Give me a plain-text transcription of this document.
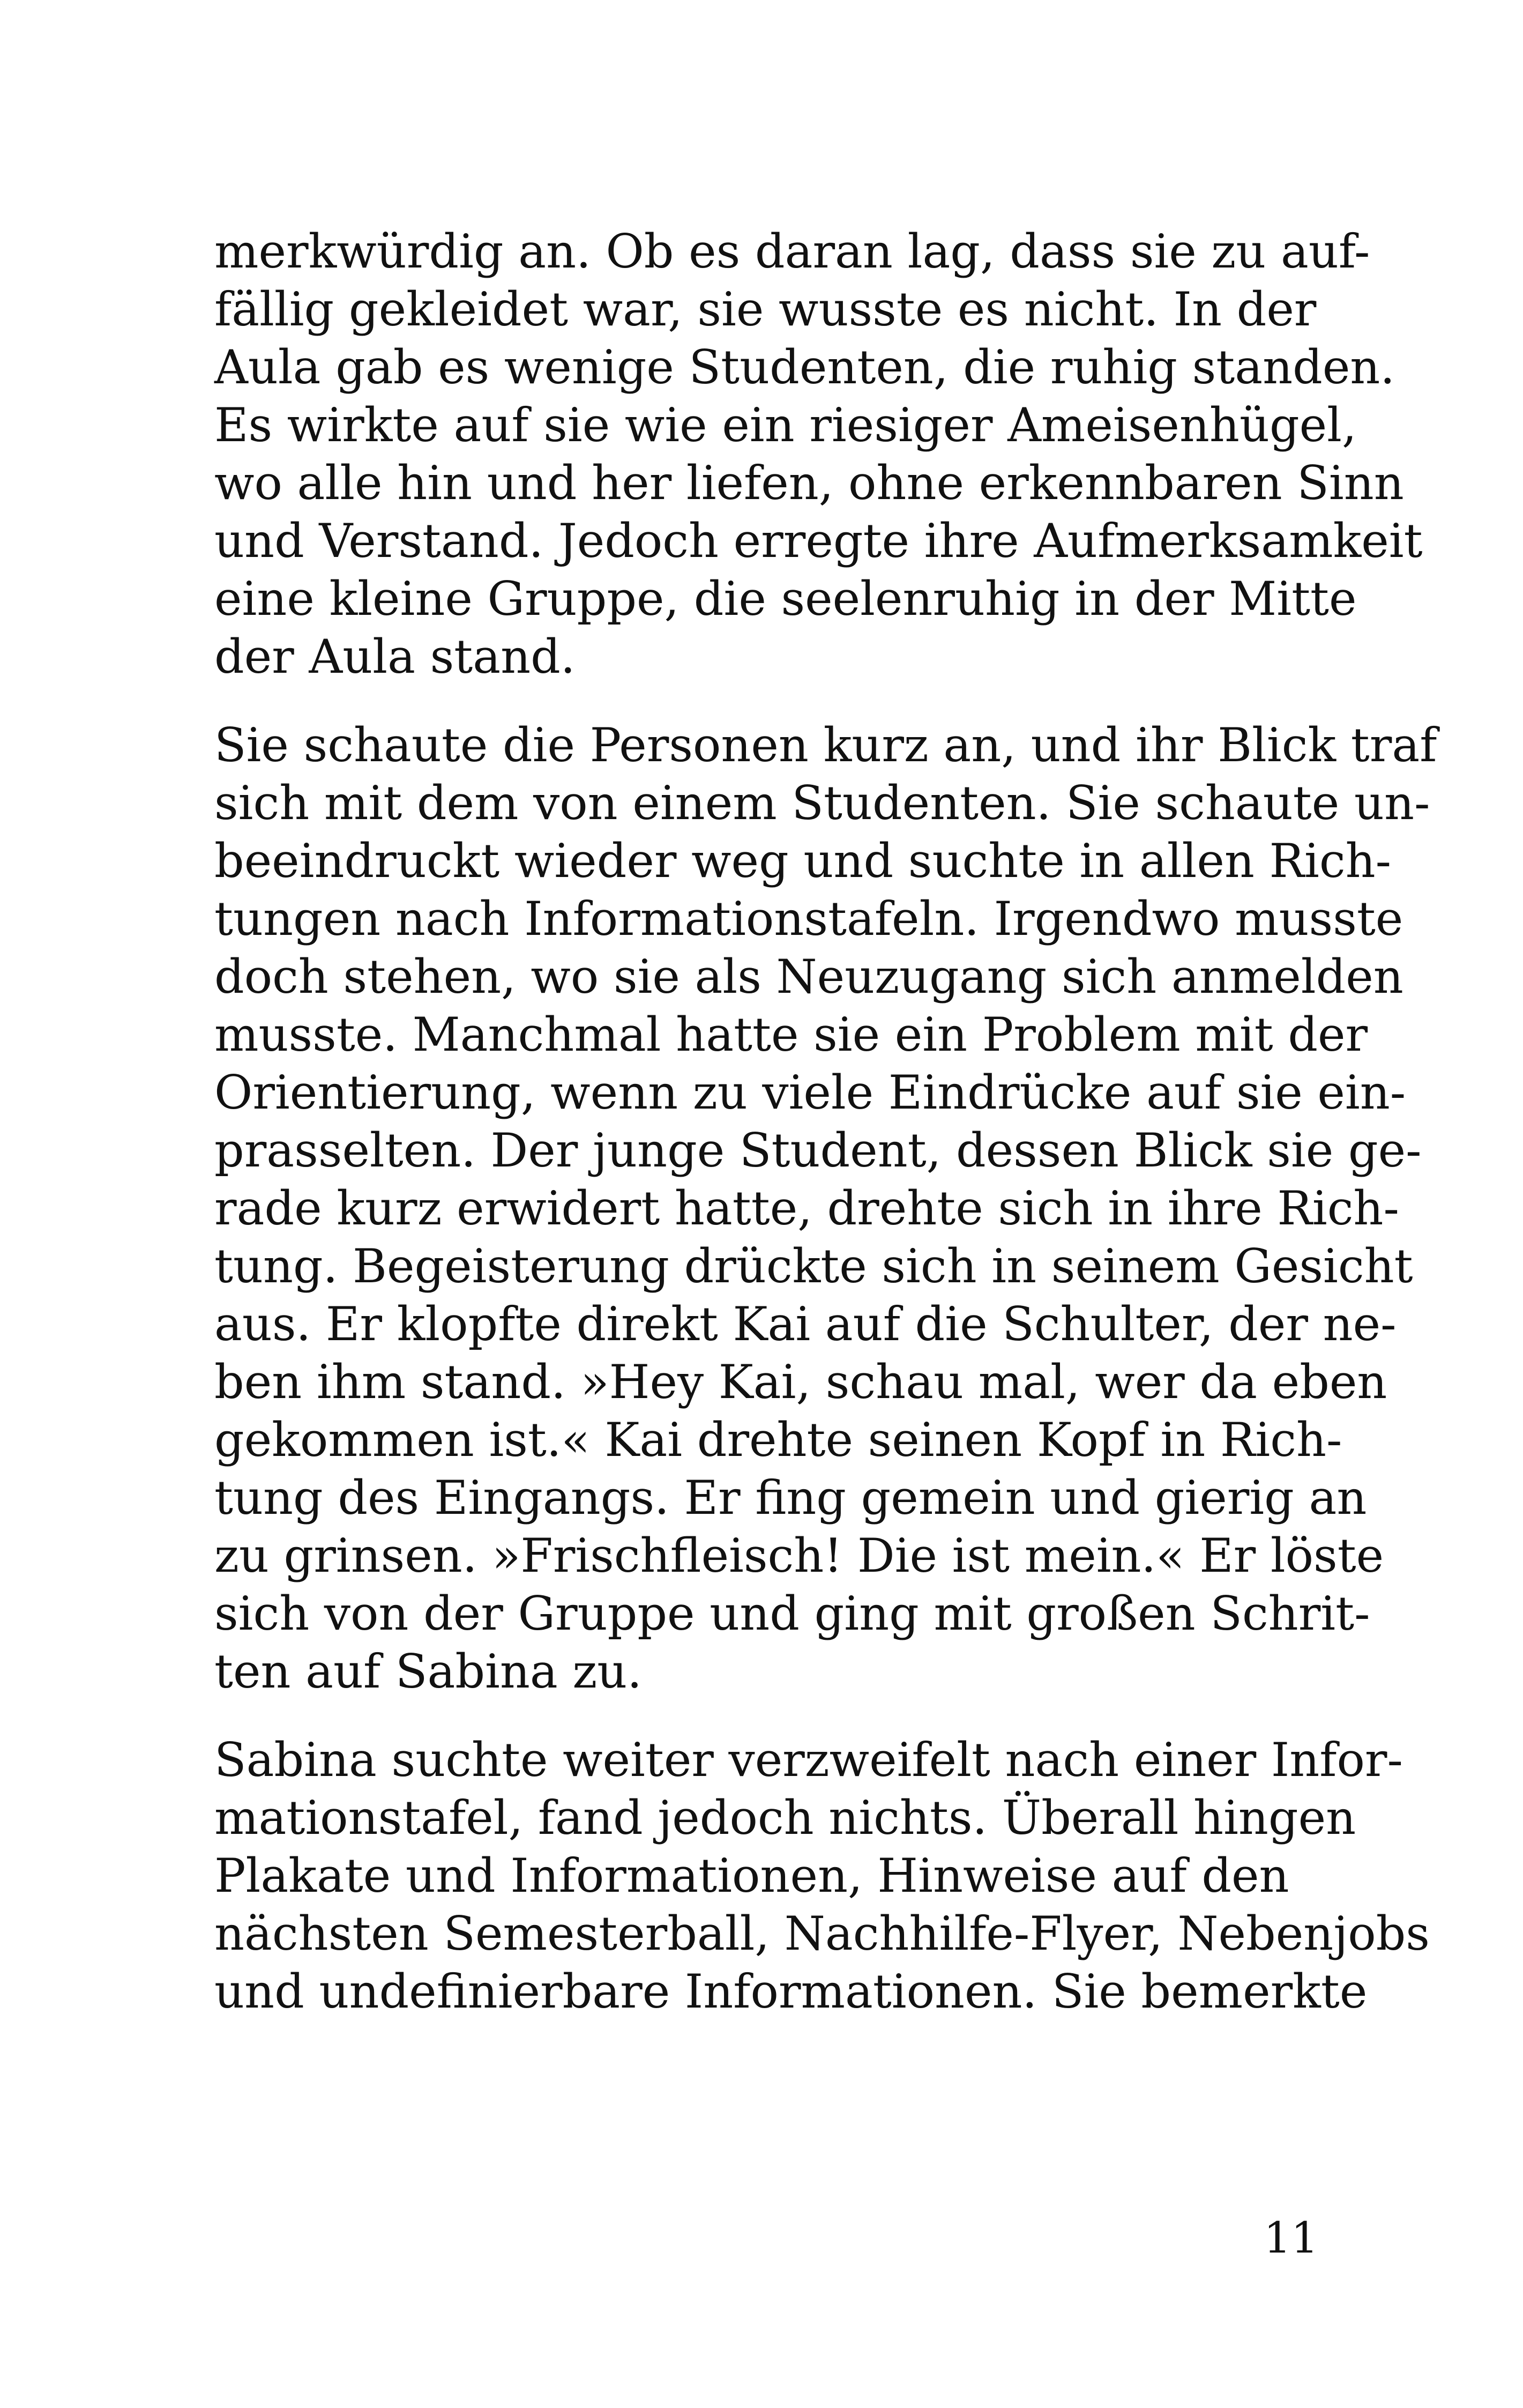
merkwürdig an. Ob es daran lag, dass sie zu auf-
fällig gekleidet war, sie wusste es nicht. In der
Aula gab es wenige Studenten, die ruhig standen.
Es wirkte auf sie wie ein riesiger Ameisenhügel,
wo alle hin und her liefen, ohne erkennbaren Sinn
und Verstand. Jedoch erregte ihre Aufmerksamkeit
eine kleine Gruppe, die seelenruhig in der Mitte
der Aula stand.

Sie schaute die Personen kurz an, und ihr Blick traf
sich mit dem von einem Studenten. Sie schaute un-
beeindruckt wieder weg und suchte in allen Rich-
tungen nach Informationstafeln. Irgendwo musste
doch stehen, wo sie als Neuzugang sich anmelden
musste. Manchmal hatte sie ein Problem mit der
Orientierung, wenn zu viele Eindrücke auf sie ein-
prasselten. Der junge Student, dessen Blick sie ge-
rade kurz erwidert hatte, drehte sich in ihre Rich-
tung. Begeisterung drückte sich in seinem Gesicht
aus. Er klopfte direkt Kai auf die Schulter, der ne-
ben ihm stand. »Hey Kai, schau mal, wer da eben
gekommen ist.« Kai drehte seinen Kopf in Rich-
tung des Eingangs. Er fing gemein und gierig an
zu grinsen. »Frischfleisch! Die ist mein.« Er löste
sich von der Gruppe und ging mit großen Schrit-
ten auf Sabina zu.

Sabina suchte weiter verzweifelt nach einer Infor-
mationstafel, fand jedoch nichts. Überall hingen
Plakate und Informationen, Hinweise auf den
nächsten Semesterball, Nachhilfe-Flyer, Nebenjobs
und undefinierbare Informationen. Sie bemerkte

11
